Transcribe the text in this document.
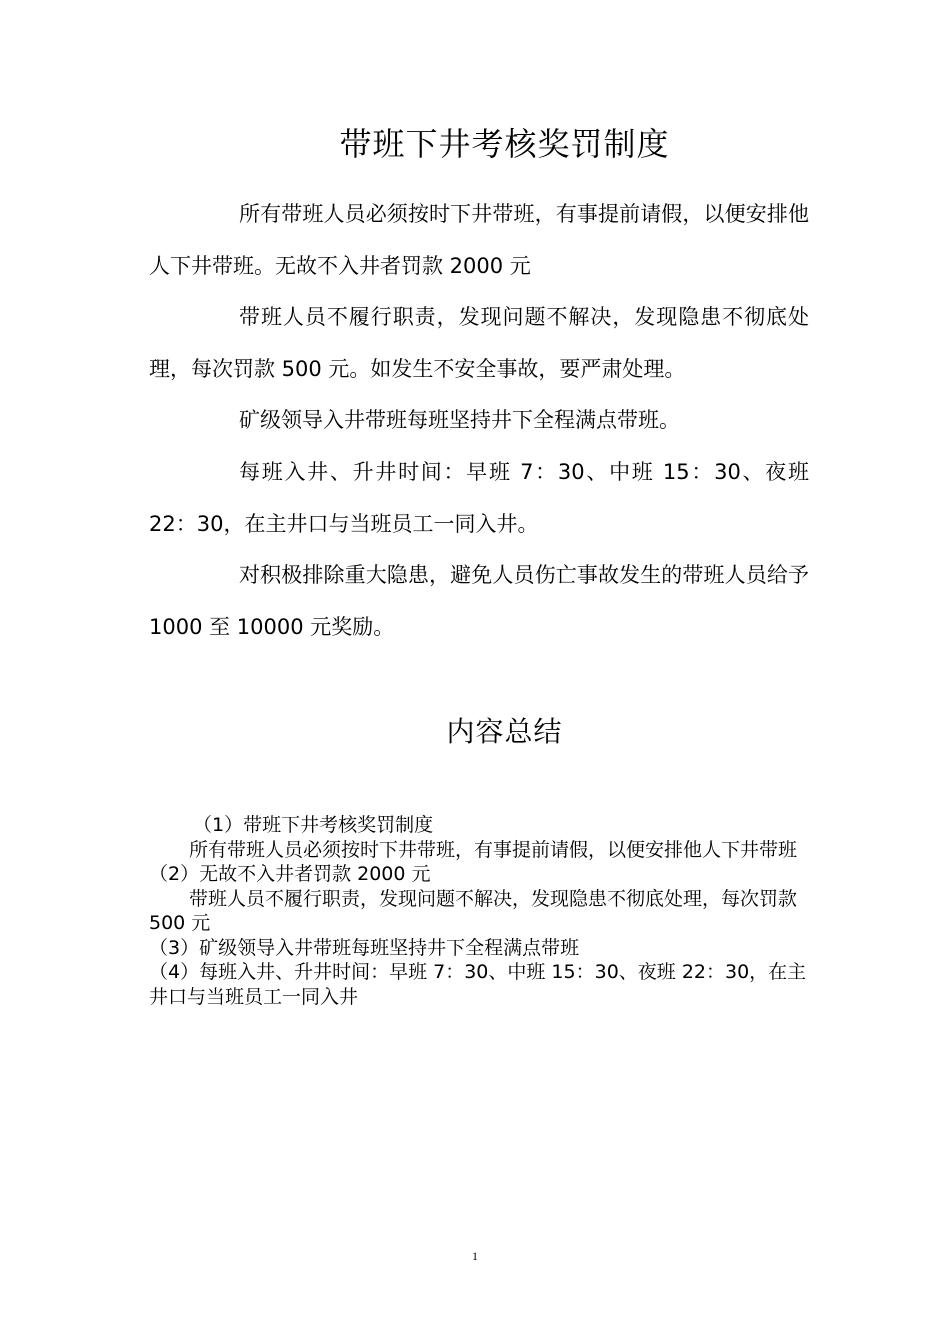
带班下井考核奖罚制度

所有带班人员必须按时下井带班，有事提前请假，以便安排他人下井带班。无故不入井者罚款 2000 元

带班人员不履行职责，发现问题不解决，发现隐患不彻底处理，每次罚款 500 元。如发生不安全事故，要严肃处理。

矿级领导入井带班每班坚持井下全程满点带班。

每班入井、升井时间：早班 7：30、中班 15：30、夜班 22：30，在主井口与当班员工一同入井。

对积极排除重大隐患，避免人员伤亡事故发生的带班人员给予 1000 至 10000 元奖励。

内容总结
（1）带班下井考核奖罚制度
所有带班人员必须按时下井带班，有事提前请假，以便安排他人下井带班
（2）无故不入井者罚款 2000 元
带班人员不履行职责，发现问题不解决，发现隐患不彻底处理，每次罚款 500 元
（3）矿级领导入井带班每班坚持井下全程满点带班
（4）每班入井、升井时间：早班 7：30、中班 15：30、夜班 22：30，在主井口与当班员工一同入井
1
